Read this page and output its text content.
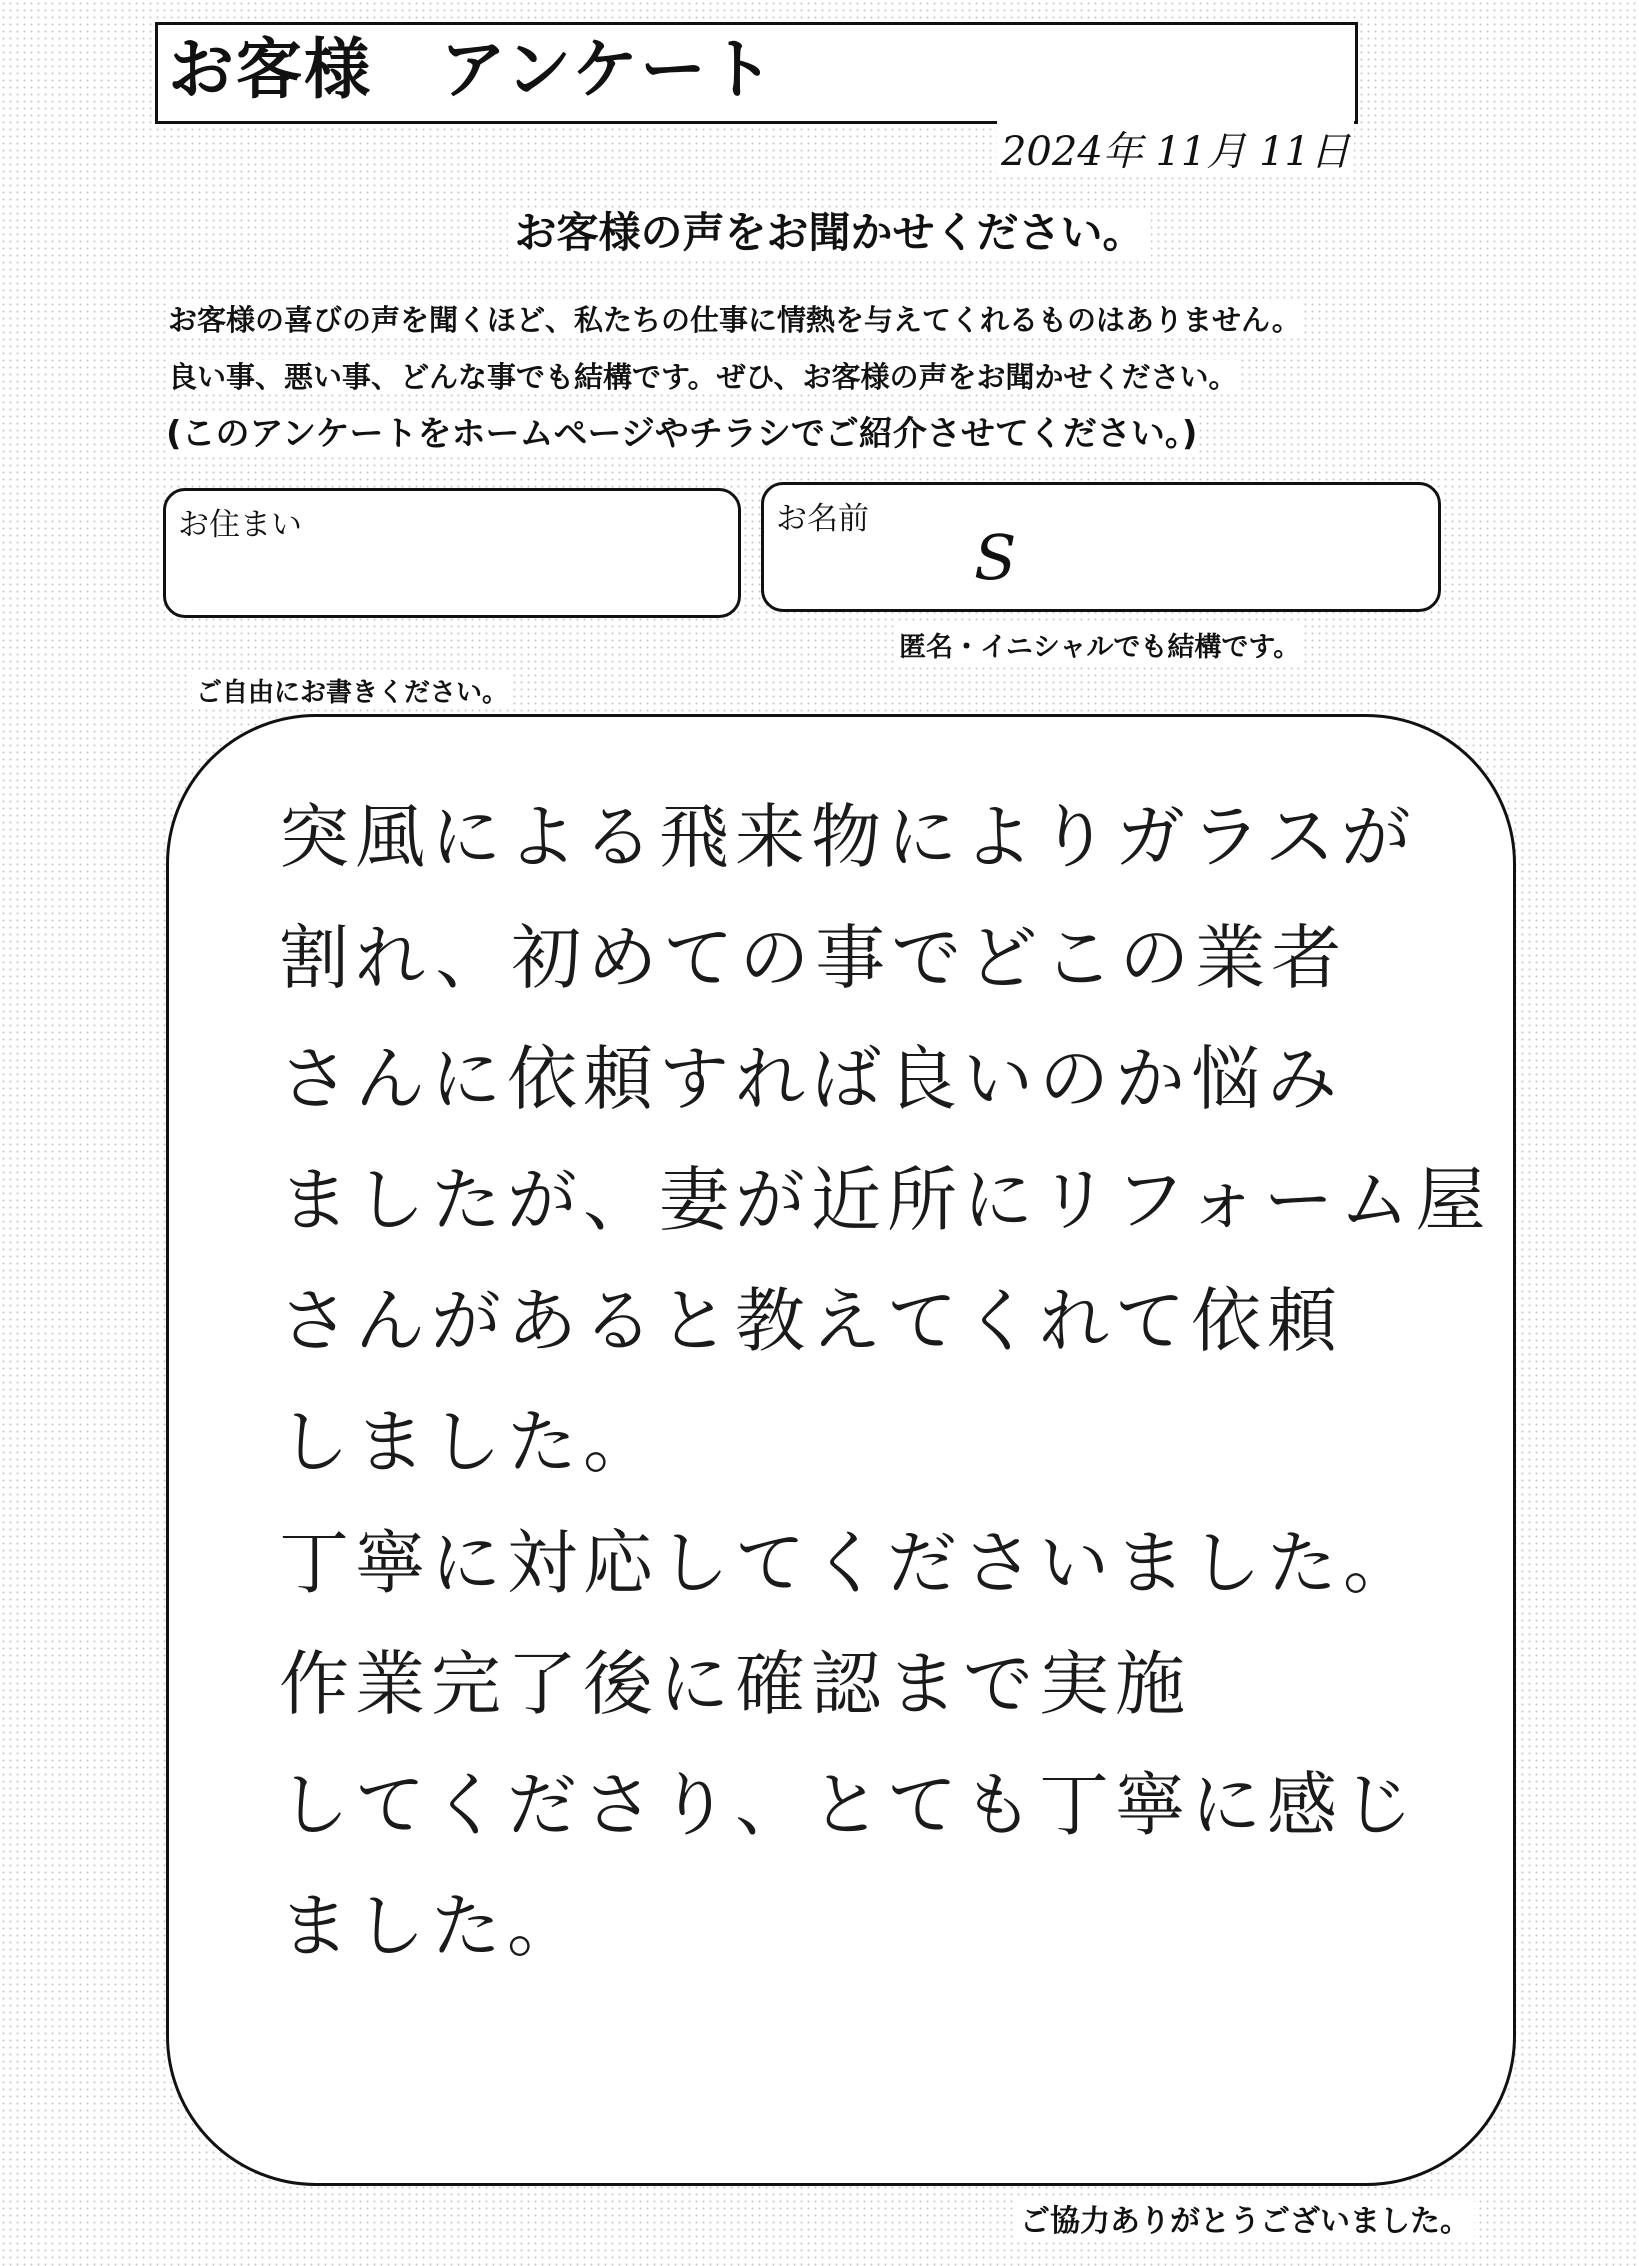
お客様　アンケート
2024年 11月 11日
お客様の声をお聞かせください。
お客様の喜びの声を聞くほど、私たちの仕事に情熱を与えてくれるものはありません。
良い事、悪い事、どんな事でも結構です。ぜひ、お客様の声をお聞かせください。
(このアンケートをホームページやチラシでご紹介させてください。)
お住まい	お名前
S
匿名・イニシャルでも結構です。
ご自由にお書きください。
突風による飛来物によりガラスが
割れ、初めての事でどこの業者
さんに依頼すれば良いのか悩み
ましたが、妻が近所にリフォーム屋
さんがあると教えてくれて依頼
しました。
丁寧に対応してくださいました。
作業完了後に確認まで実施
してくださり、とても丁寧に感じ
ました。
ご協力ありがとうございました。
